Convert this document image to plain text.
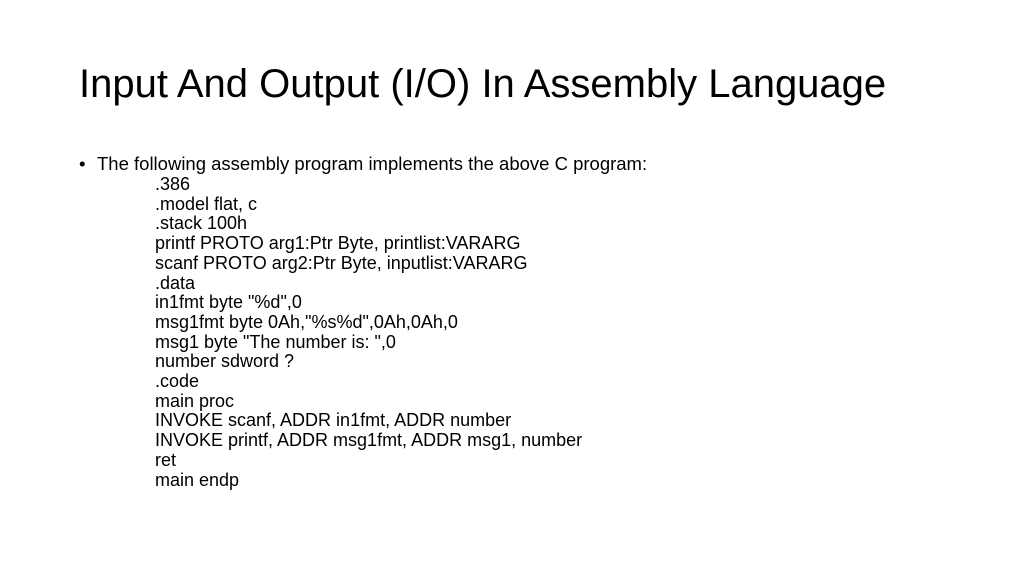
Input And Output (I/O) In Assembly Language
• The following assembly program implements the above C program:
.386
.model flat, c
.stack 100h
printf PROTO arg1:Ptr Byte, printlist:VARARG
scanf PROTO arg2:Ptr Byte, inputlist:VARARG
.data
in1fmt byte "%d",0
msg1fmt byte 0Ah,"%s%d",0Ah,0Ah,0
msg1 byte "The number is: ",0
number sdword ?
.code
main proc
INVOKE scanf, ADDR in1fmt, ADDR number
INVOKE printf, ADDR msg1fmt, ADDR msg1, number
ret
main endp
